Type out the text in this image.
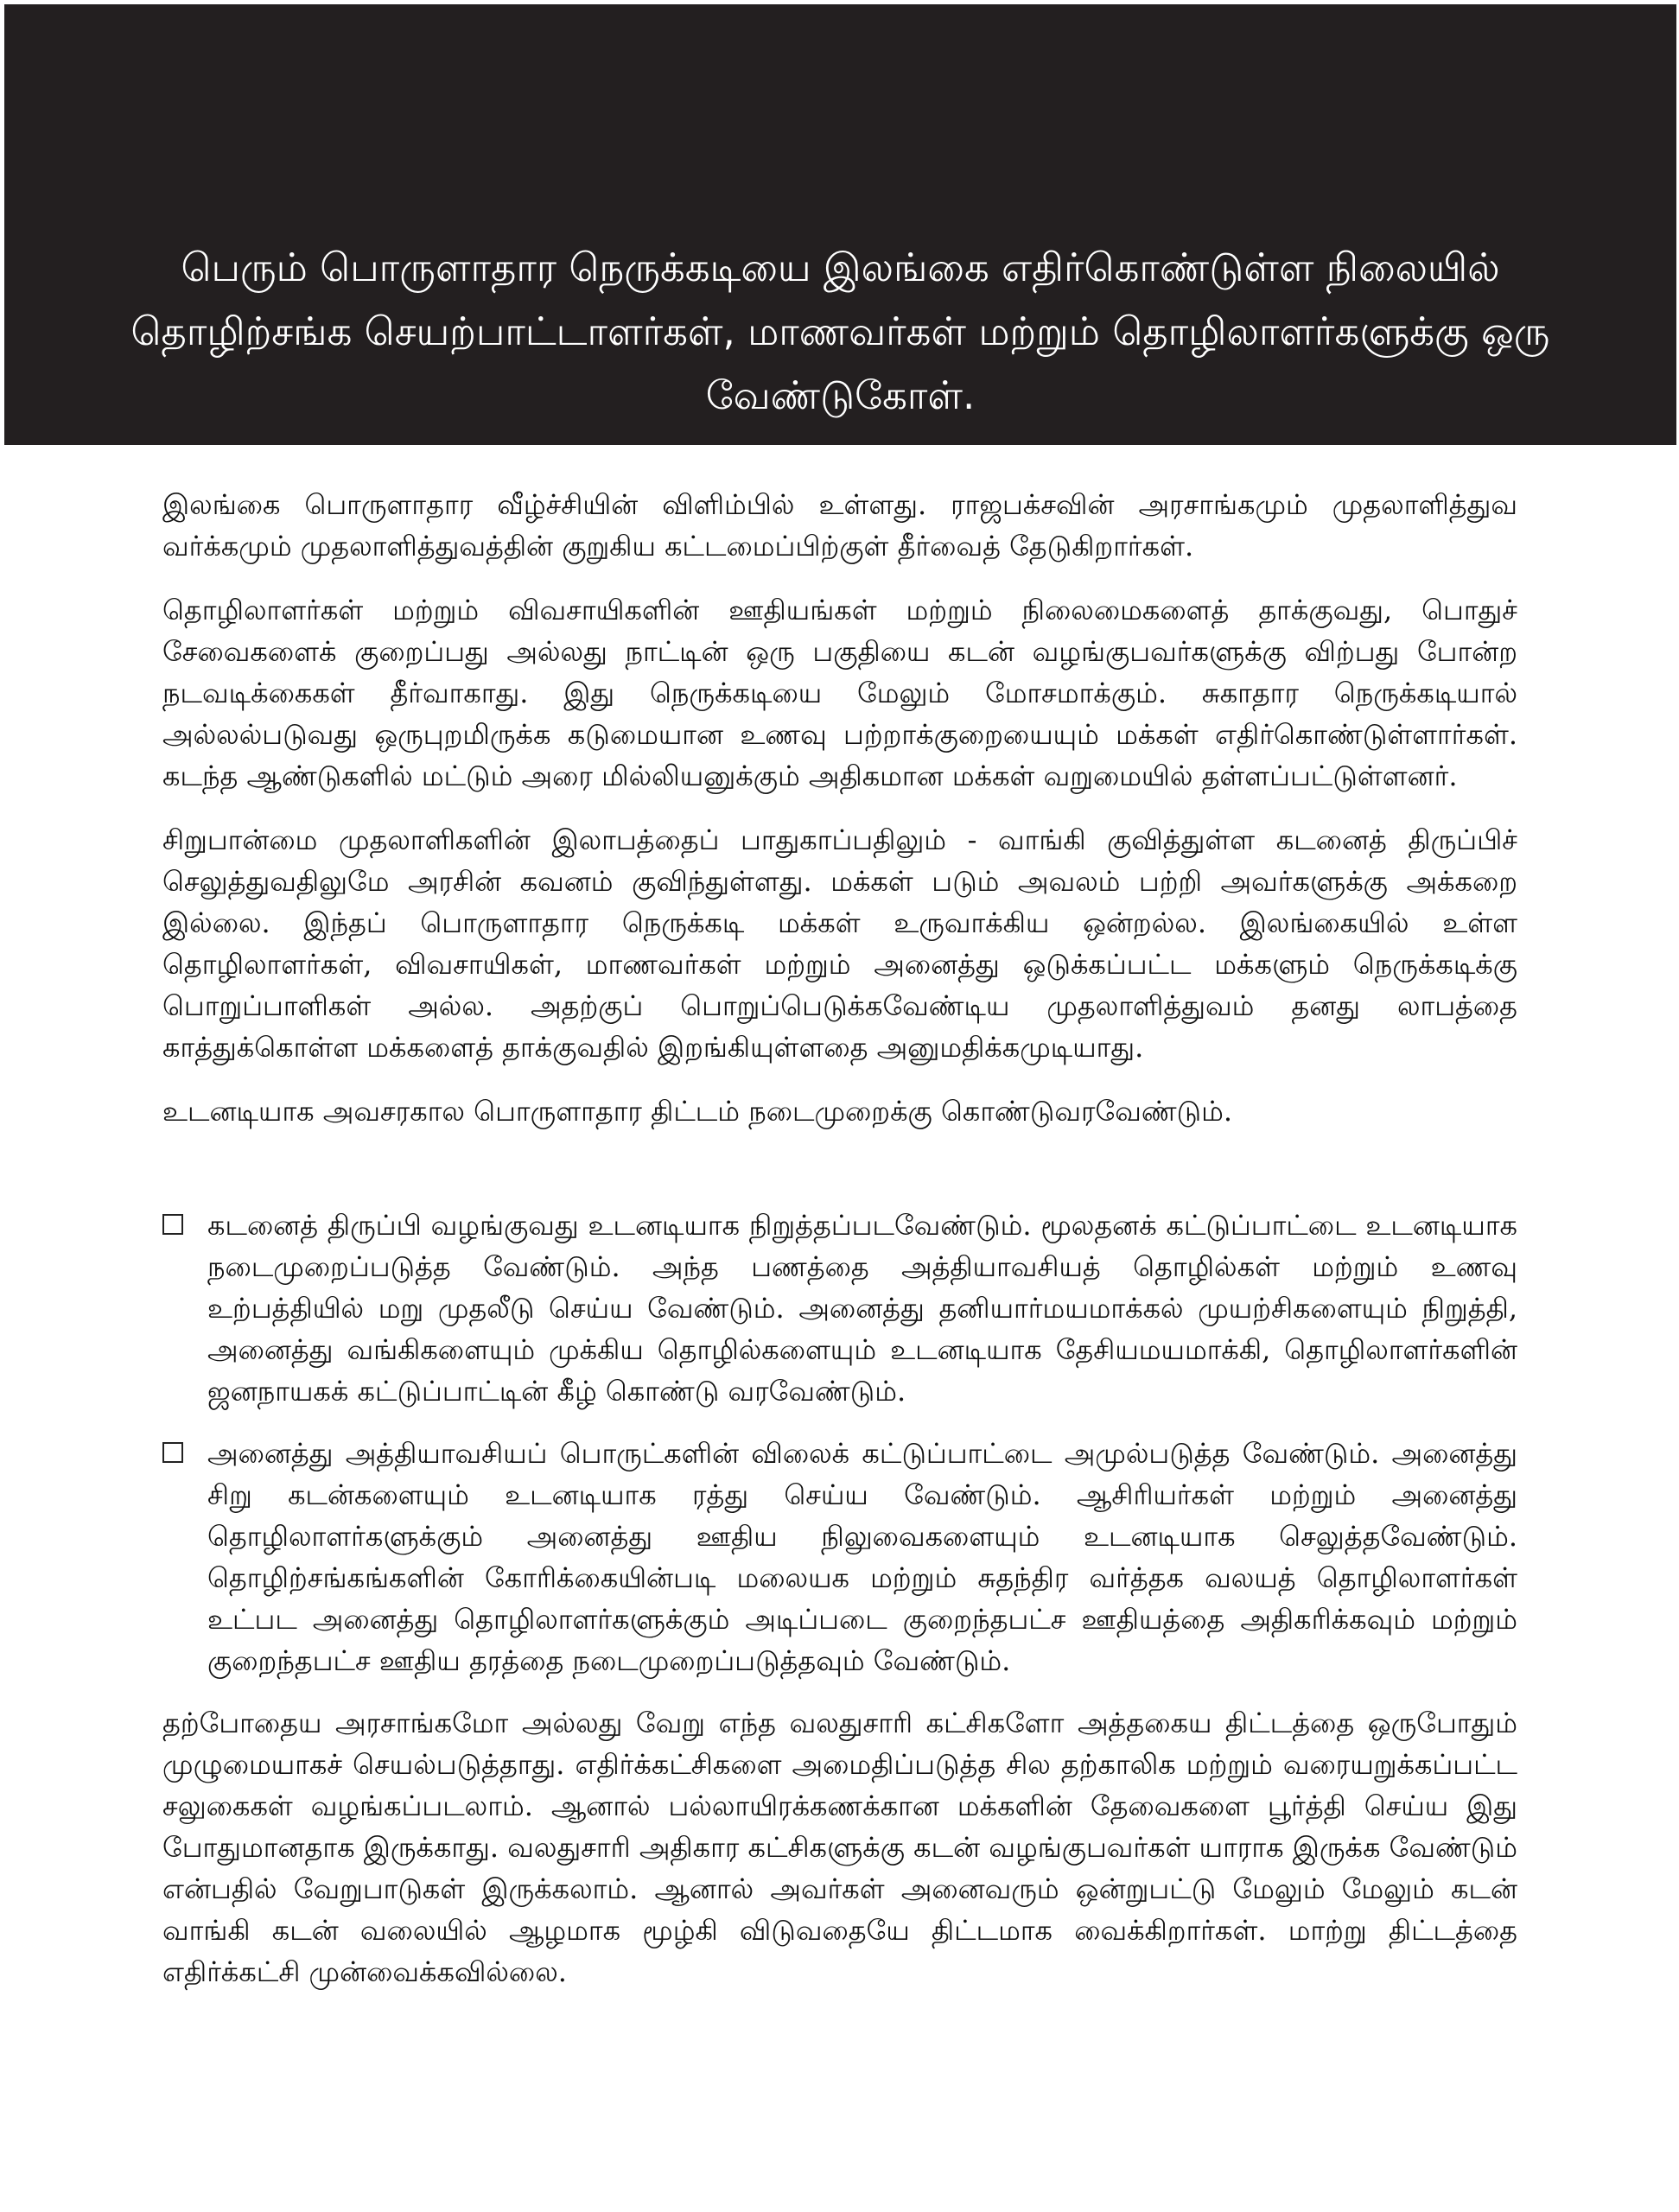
பெரும் பொருளாதார நெருக்கடியை இலங்கை எதிர்கொண்டுள்ள நிலையில் தொழிற்சங்க செயற்பாட்டாளர்கள், மாணவர்கள் மற்றும் தொழிலாளர்களுக்கு ஒரு வேண்டுகோள்.

இலங்கை பொருளாதார வீழ்ச்சியின் விளிம்பில் உள்ளது. ராஜபக்சவின் அரசாங்கமும் முதலாளித்துவ வர்க்கமும் முதலாளித்துவத்தின் குறுகிய கட்டமைப்பிற்குள் தீர்வைத் தேடுகிறார்கள்.

தொழிலாளர்கள் மற்றும் விவசாயிகளின் ஊதியங்கள் மற்றும் நிலைமைகளைத் தாக்குவது, பொதுச் சேவைகளைக் குறைப்பது அல்லது நாட்டின் ஒரு பகுதியை கடன் வழங்குபவர்களுக்கு விற்பது போன்ற நடவடிக்கைகள் தீர்வாகாது. இது நெருக்கடியை மேலும் மோசமாக்கும். சுகாதார நெருக்கடியால் அல்லல்படுவது ஒருபுறமிருக்க கடுமையான உணவு பற்றாக்குறையையும் மக்கள் எதிர்கொண்டுள்ளார்கள். கடந்த ஆண்டுகளில் மட்டும் அரை மில்லியனுக்கும் அதிகமான மக்கள் வறுமையில் தள்ளப்பட்டுள்ளனர்.

சிறுபான்மை முதலாளிகளின் இலாபத்தைப் பாதுகாப்பதிலும் - வாங்கி குவித்துள்ள கடனைத் திருப்பிச் செலுத்துவதிலுமே அரசின் கவனம் குவிந்துள்ளது. மக்கள் படும் அவலம் பற்றி அவர்களுக்கு அக்கறை இல்லை. இந்தப் பொருளாதார நெருக்கடி மக்கள் உருவாக்கிய ஒன்றல்ல. இலங்கையில் உள்ள தொழிலாளர்கள், விவசாயிகள், மாணவர்கள் மற்றும் அனைத்து ஒடுக்கப்பட்ட மக்களும் நெருக்கடிக்கு பொறுப்பாளிகள் அல்ல. அதற்குப் பொறுப்பெடுக்கவேண்டிய முதலாளித்துவம் தனது லாபத்தை காத்துக்கொள்ள மக்களைத் தாக்குவதில் இறங்கியுள்ளதை அனுமதிக்கமுடியாது.

உடனடியாக அவசரகால பொருளாதார திட்டம் நடைமுறைக்கு கொண்டுவரவேண்டும்.

கடனைத் திருப்பி வழங்குவது உடனடியாக நிறுத்தப்படவேண்டும். மூலதனக் கட்டுப்பாட்டை உடனடியாக நடைமுறைப்படுத்த வேண்டும். அந்த பணத்தை அத்தியாவசியத் தொழில்கள் மற்றும் உணவு உற்பத்தியில் மறு முதலீடு செய்ய வேண்டும். அனைத்து தனியார்மயமாக்கல் முயற்சிகளையும் நிறுத்தி, அனைத்து வங்கிகளையும் முக்கிய தொழில்களையும் உடனடியாக தேசியமயமாக்கி, தொழிலாளர்களின் ஜனநாயகக் கட்டுப்பாட்டின் கீழ் கொண்டு வரவேண்டும்.

அனைத்து அத்தியாவசியப் பொருட்களின் விலைக் கட்டுப்பாட்டை அமுல்படுத்த வேண்டும். அனைத்து சிறு கடன்களையும் உடனடியாக ரத்து செய்ய வேண்டும். ஆசிரியர்கள் மற்றும் அனைத்து தொழிலாளர்களுக்கும் அனைத்து ஊதிய நிலுவைகளையும் உடனடியாக செலுத்தவேண்டும். தொழிற்சங்கங்களின் கோரிக்கையின்படி மலையக மற்றும் சுதந்திர வர்த்தக வலயத் தொழிலாளர்கள் உட்பட அனைத்து தொழிலாளர்களுக்கும் அடிப்படை குறைந்தபட்ச ஊதியத்தை அதிகரிக்கவும் மற்றும் குறைந்தபட்ச ஊதிய தரத்தை நடைமுறைப்படுத்தவும் வேண்டும்.

தற்போதைய அரசாங்கமோ அல்லது வேறு எந்த வலதுசாரி கட்சிகளோ அத்தகைய திட்டத்தை ஒருபோதும் முழுமையாகச் செயல்படுத்தாது. எதிர்க்கட்சிகளை அமைதிப்படுத்த சில தற்காலிக மற்றும் வரையறுக்கப்பட்ட சலுகைகள் வழங்கப்படலாம். ஆனால் பல்லாயிரக்கணக்கான மக்களின் தேவைகளை பூர்த்தி செய்ய இது போதுமானதாக இருக்காது. வலதுசாரி அதிகார கட்சிகளுக்கு கடன் வழங்குபவர்கள் யாராக இருக்க வேண்டும் என்பதில் வேறுபாடுகள் இருக்கலாம். ஆனால் அவர்கள் அனைவரும் ஒன்றுபட்டு மேலும் மேலும் கடன் வாங்கி கடன் வலையில் ஆழமாக மூழ்கி விடுவதையே திட்டமாக வைக்கிறார்கள். மாற்று திட்டத்தை எதிர்க்கட்சி முன்வைக்கவில்லை.
